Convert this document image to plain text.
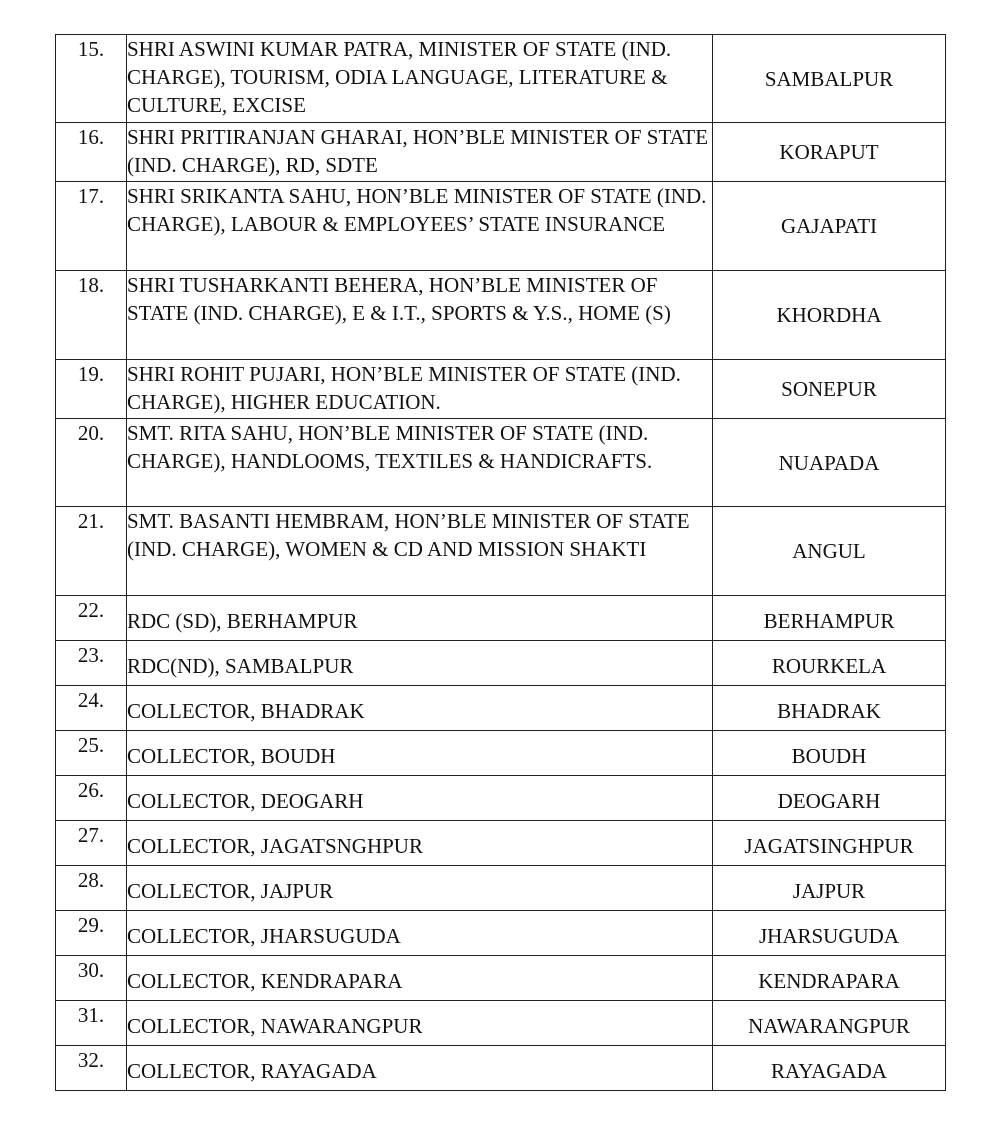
15.	SHRI ASWINI KUMAR PATRA, MINISTER OF STATE (IND. CHARGE), TOURISM, ODIA LANGUAGE, LITERATURE & CULTURE, EXCISE	SAMBALPUR
16.	SHRI PRITIRANJAN GHARAI, HON’BLE MINISTER OF STATE (IND. CHARGE), RD, SDTE	KORAPUT
17.	SHRI SRIKANTA SAHU, HON’BLE MINISTER OF STATE (IND. CHARGE), LABOUR & EMPLOYEES’ STATE INSURANCE	GAJAPATI
18.	SHRI TUSHARKANTI BEHERA, HON’BLE MINISTER OF STATE (IND. CHARGE), E & I.T., SPORTS & Y.S., HOME (S)	KHORDHA
19.	SHRI ROHIT PUJARI, HON’BLE MINISTER OF STATE (IND. CHARGE), HIGHER EDUCATION.	SONEPUR
20.	SMT. RITA SAHU, HON’BLE MINISTER OF STATE (IND. CHARGE), HANDLOOMS, TEXTILES & HANDICRAFTS.	NUAPADA
21.	SMT. BASANTI HEMBRAM, HON’BLE MINISTER OF STATE (IND. CHARGE), WOMEN & CD AND MISSION SHAKTI	ANGUL
22.	RDC (SD), BERHAMPUR	BERHAMPUR
23.	RDC(ND), SAMBALPUR	ROURKELA
24.	COLLECTOR, BHADRAK	BHADRAK
25.	COLLECTOR, BOUDH	BOUDH
26.	COLLECTOR, DEOGARH	DEOGARH
27.	COLLECTOR, JAGATSNGHPUR	JAGATSINGHPUR
28.	COLLECTOR, JAJPUR	JAJPUR
29.	COLLECTOR, JHARSUGUDA	JHARSUGUDA
30.	COLLECTOR, KENDRAPARA	KENDRAPARA
31.	COLLECTOR, NAWARANGPUR	NAWARANGPUR
32.	COLLECTOR, RAYAGADA	RAYAGADA
